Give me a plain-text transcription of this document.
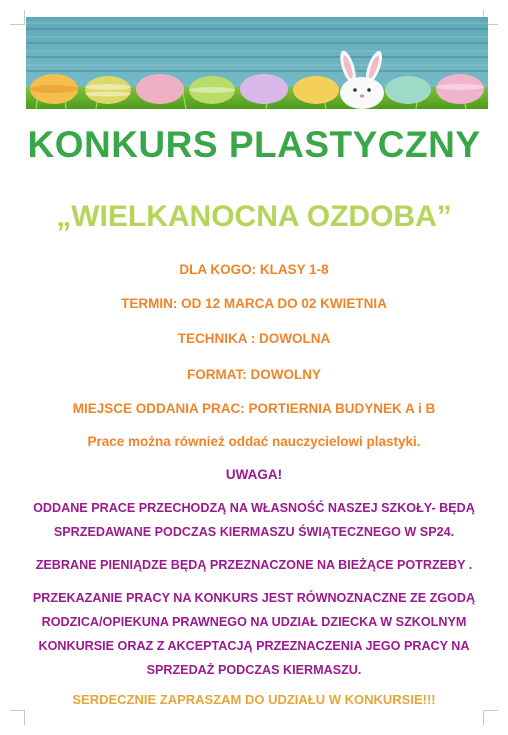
KONKURS PLASTYCZNY
„WIELKANOCNA OZDOBA”
DLA KOGO: KLASY 1-8
TERMIN: OD 12 MARCA DO 02 KWIETNIA
TECHNIKA : DOWOLNA
FORMAT: DOWOLNY
MIEJSCE ODDANIA PRAC: PORTIERNIA BUDYNEK A i B
Prace można również oddać nauczycielowi plastyki.
UWAGA!
ODDANE PRACE PRZECHODZĄ NA WŁASNOŚĆ NASZEJ SZKOŁY- BĘDĄ
SPRZEDAWANE PODCZAS KIERMASZU ŚWIĄTECZNEGO W SP24.
ZEBRANE PIENIĄDZE BĘDĄ PRZEZNACZONE NA BIEŻĄCE POTRZEBY .
PRZEKAZANIE PRACY NA KONKURS JEST RÓWNOZNACZNE ZE ZGODĄ
RODZICA/OPIEKUNA PRAWNEGO NA UDZIAŁ DZIECKA W SZKOLNYM
KONKURSIE ORAZ Z AKCEPTACJĄ PRZEZNACZENIA JEGO PRACY NA
SPRZEDAŻ PODCZAS KIERMASZU.
SERDECZNIE ZAPRASZAM DO UDZIAŁU W KONKURSIE!!!
